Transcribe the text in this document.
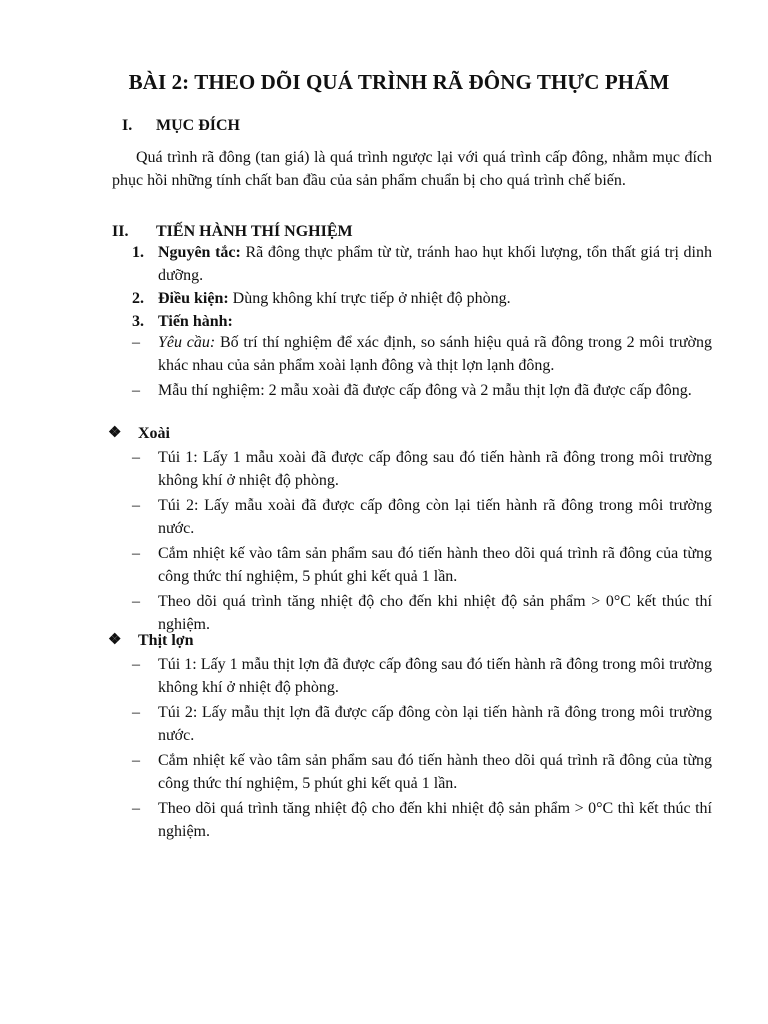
BÀI 2: THEO DÕI QUÁ TRÌNH RÃ ĐÔNG THỰC PHẨM
I. MỤC ĐÍCH
Quá trình rã đông (tan giá) là quá trình ngược lại với quá trình cấp đông, nhằm mục đích phục hồi những tính chất ban đầu của sản phẩm chuẩn bị cho quá trình chế biến.
II. TIẾN HÀNH THÍ NGHIỆM
1. Nguyên tắc: Rã đông thực phẩm từ từ, tránh hao hụt khối lượng, tổn thất giá trị dinh dưỡng.
2. Điều kiện: Dùng không khí trực tiếp ở nhiệt độ phòng.
3. Tiến hành:
–	Yêu cầu: Bố trí thí nghiệm để xác định, so sánh hiệu quả rã đông trong 2 môi trường khác nhau của sản phẩm xoài lạnh đông và thịt lợn lạnh đông.
–	Mẫu thí nghiệm: 2 mẫu xoài đã được cấp đông và 2 mẫu thịt lợn đã được cấp đông.
❖	Xoài
–	Túi 1: Lấy 1 mẫu xoài đã được cấp đông sau đó tiến hành rã đông trong môi trường không khí ở nhiệt độ phòng.
–	Túi 2: Lấy mẫu xoài đã được cấp đông còn lại tiến hành rã đông trong môi trường nước.
–	Cắm nhiệt kế vào tâm sản phẩm sau đó tiến hành theo dõi quá trình rã đông của từng công thức thí nghiệm, 5 phút ghi kết quả 1 lần.
–	Theo dõi quá trình tăng nhiệt độ cho đến khi nhiệt độ sản phẩm > 0°C kết thúc thí nghiệm.
❖	Thịt lợn
–	Túi 1: Lấy 1 mẫu thịt lợn đã được cấp đông sau đó tiến hành rã đông trong môi trường không khí ở nhiệt độ phòng.
–	Túi 2: Lấy mẫu thịt lợn đã được cấp đông còn lại tiến hành rã đông trong môi trường nước.
–	Cắm nhiệt kế vào tâm sản phẩm sau đó tiến hành theo dõi quá trình rã đông của từng công thức thí nghiệm, 5 phút ghi kết quả 1 lần.
–	Theo dõi quá trình tăng nhiệt độ cho đến khi nhiệt độ sản phẩm > 0°C thì kết thúc thí nghiệm.
